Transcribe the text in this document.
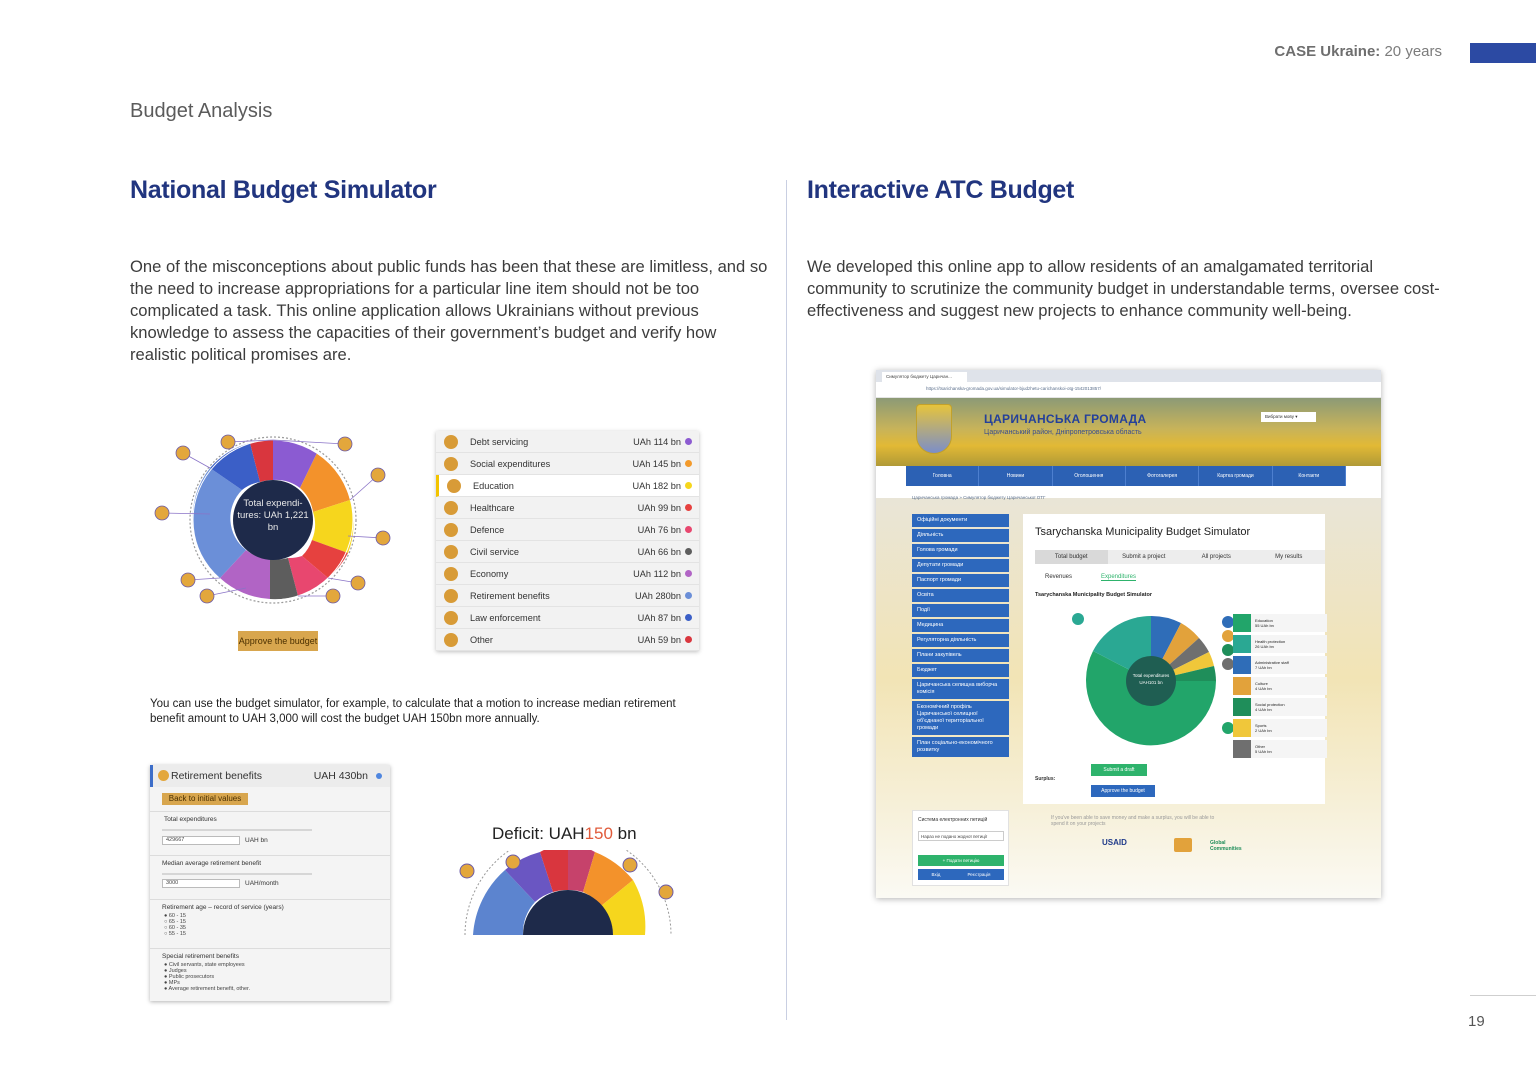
CASE Ukraine: 20 years
Budget Analysis
National Budget Simulator
One of the misconceptions about public funds has been that these are limitless, and so the need to increase appropriations for a particular line item should not be too complicated a task. This online application allows Ukrainians without previous knowledge to assess the capacities of their government’s budget and verify how realistic political promises are.
Total expendi- tures: UAh 1,221 bn
Approve the budget
Debt servicing	UAh 114 bn
Social expenditures	UAh 145 bn
Education	UAh 182 bn
Healthcare	UAh 99 bn
Defence	UAh 76 bn
Civil service	UAh 66 bn
Economy	UAh 112 bn
Retirement benefits	UAh 280bn
Law enforcement	UAh 87 bn
Other	UAh 59 bn
You can use the budget simulator, for example, to calculate that a motion to increase median retirement benefit amount to UAH 3,000 will cost the budget UAH 150bn more annually.
Retirement benefits	UAH 430bn
Back to initial values
Total expenditures
429667	UAH bn
Median average retirement benefit
3000	UAH/month
Retirement age – record of service (years)
● 60 - 15
○ 65 - 15
○ 60 - 35
○ 55 - 15
Special retirement benefits
● Civil servants, state employees
● Judges
● Public prosecutors
● MPs
● Average retirement benefit, other.
Deficit: UAH150 bn
Interactive ATC Budget
We developed this online app to allow residents of an amalgamated territorial community to scrutinize the community budget in understandable terms, oversee cost-effectiveness and suggest new projects to enhance community well-being.
Симулятор бюджету Царичан...
https://tsarichanska-gromada.gov.ua/simulator-bjudzhetu-carichanskoi-otg-1542013857/
ЦАРИЧАНСЬКА ГРОМАДА
Царичанський район, Дніпропетровська область
Вибрати мову ▾
Головна	Новини	Оголошення	Фотогалерея	Картка громади	Контакти
Царичанська громада » Симулятор бюджету Царичанської ОТГ
Офіційні документи
Діяльність
Голова громади
Депутати громади
Паспорт громади
Освіта
Події
Медицина
Регуляторна діяльність
Плани закупівель
Бюджет
Царичанська селищна виборча комісія
Економічний профіль Царичанської селищної об'єднаної територіальної громади
План соціально-економічного розвитку
Система електронних петицій
Нараз не подано жодної петиції
+ Подати петицію
Вхід	Реєстрація
Tsarychanska Municipality Budget Simulator
Total budget	Submit a project	All projects	My results
Revenues	Expenditures
Tsarychanska Municipality Budget Simulator
Total expenditures UAH101 bn
Education
55 UAh bn
Health protection
26 UAh bn
Administrative staff
7 UAh bn
Culture
4 UAh bn
Social protection
4 UAh bn
Sports
2 UAh bn
Other
5 UAh bn
Submit a draft
Surplus:
Approve the budget
If you've been able to save money and make a surplus, you will be able to spend it on your projects
USAID	Global Communities
19
